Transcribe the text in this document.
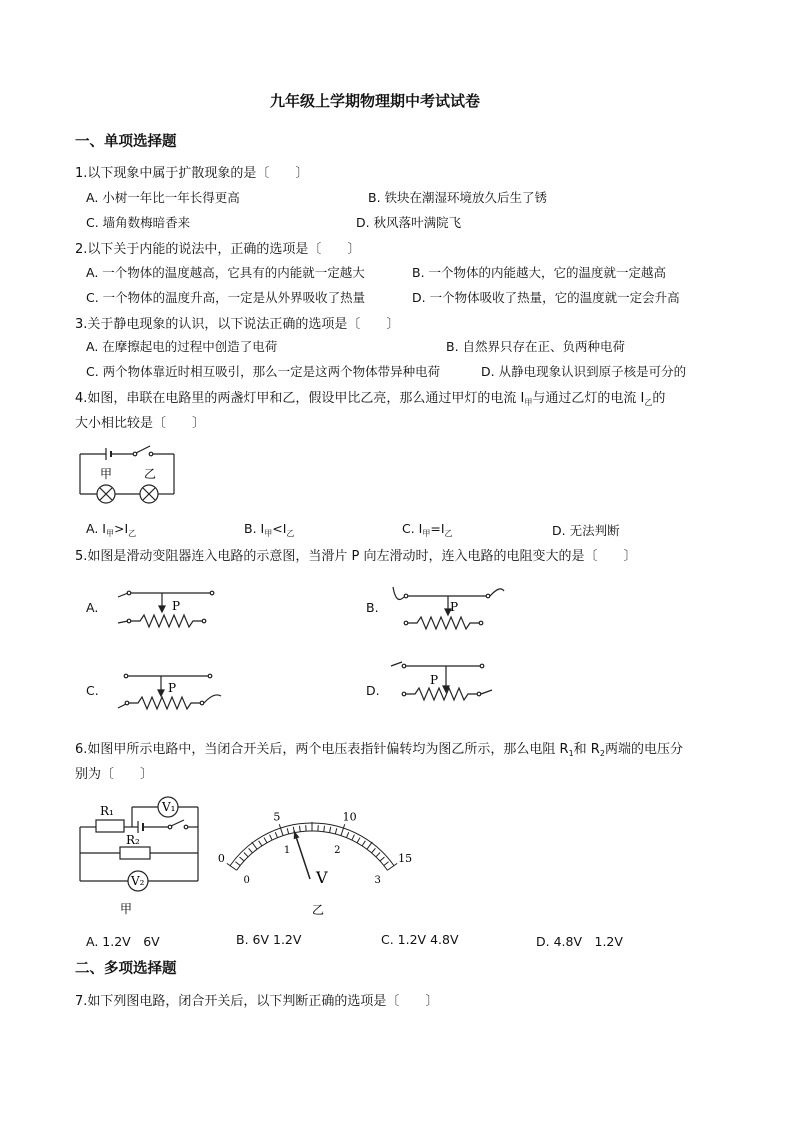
九年级上学期物理期中考试试卷
一、单项选择题
1.以下现象中属于扩散现象的是〔　　〕
A. 小树一年比一年长得更高	B. 铁块在潮湿环境放久后生了锈
C. 墙角数梅暗香来	D. 秋风落叶满院飞
2.以下关于内能的说法中，正确的选项是〔　　〕
A. 一个物体的温度越高，它具有的内能就一定越大	B. 一个物体的内能越大，它的温度就一定越高
C. 一个物体的温度升高，一定是从外界吸收了热量	D. 一个物体吸收了热量，它的温度就一定会升高
3.关于静电现象的认识，以下说法正确的选项是〔　　〕
A. 在摩擦起电的过程中创造了电荷	B. 自然界只存在正、负两种电荷
C. 两个物体靠近时相互吸引，那么一定是这两个物体带异种电荷	D. 从静电现象认识到原子核是可分的
4.如图，串联在电路里的两盏灯甲和乙，假设甲比乙亮，那么通过甲灯的电流 $I_甲$与通过乙灯的电流 $I_乙$的
大小相比较是〔　　〕
甲	乙
A. $I_甲>I_乙$	B. $I_甲<I_乙$	C. $I_甲=I_乙$	D. 无法判断
5.如图是滑动变阻器连入电路的示意图，当滑片 P 向左滑动时，连入电路的电阻变大的是〔　　〕
A.	P	B.	P
C.	P	D.
P
6.如图甲所示电路中，当闭合开关后，两个电压表指针偏转均为图乙所示，那么电阻 $R_1$和 $R_2$两端的电压分
别为〔　　〕
R₁	V₁
R₂
V₂
甲
0
5	10
15
0
1	2
3
V
乙
A. 1.2V　6V	B. 6V 1.2V	C. 1.2V 4.8V	D. 4.8V　1.2V
二、多项选择题
7.如下列图电路，闭合开关后，以下判断正确的选项是〔　　〕
